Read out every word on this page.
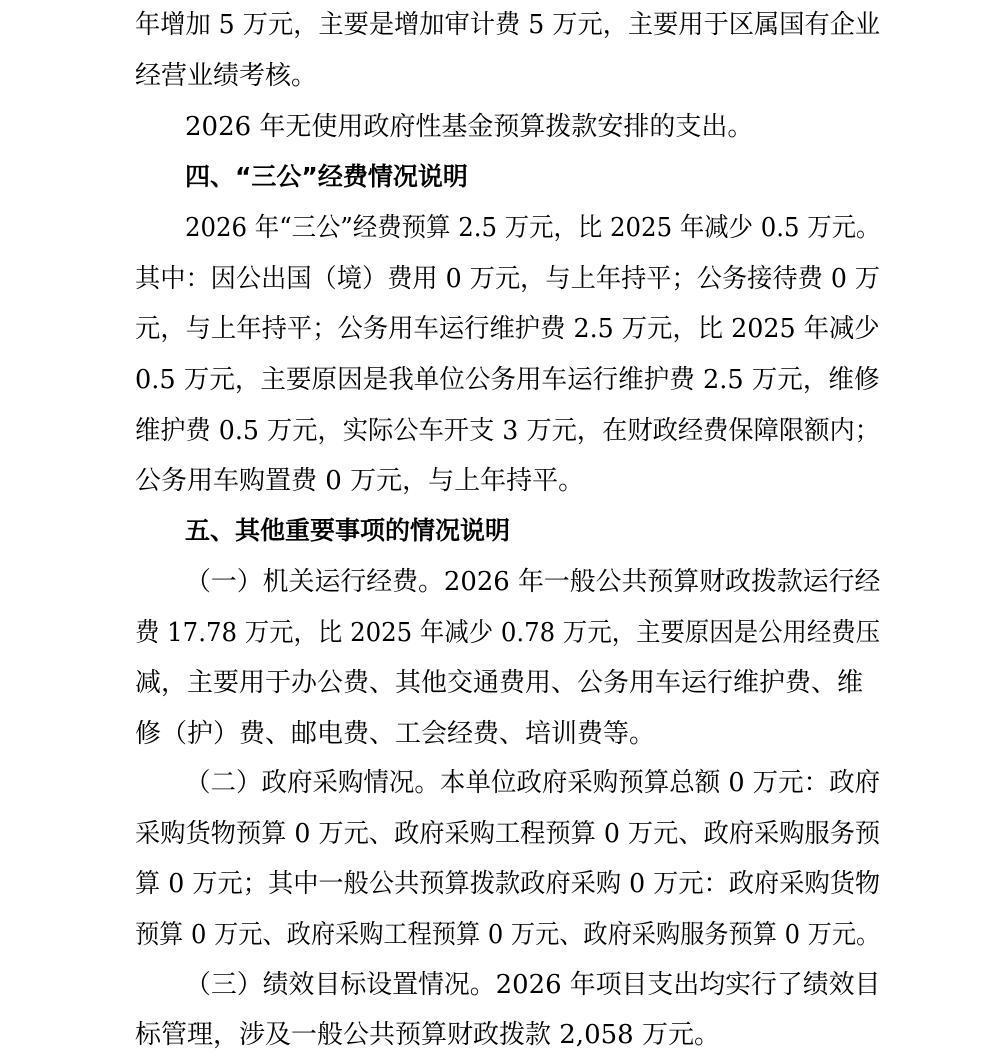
年增加 5 万元，主要是增加审计费 5 万元，主要用于区属国有企业
经营业绩考核。
2026 年无使用政府性基金预算拨款安排的支出。
四、“三公”经费情况说明
2026 年“三公”经费预算 2.5 万元，比 2025 年减少 0.5 万元。
其中：因公出国（境）费用 0 万元，与上年持平；公务接待费 0 万
元，与上年持平；公务用车运行维护费 2.5 万元，比 2025 年减少
0.5 万元，主要原因是我单位公务用车运行维护费 2.5 万元，维修
维护费 0.5 万元，实际公车开支 3 万元，在财政经费保障限额内；
公务用车购置费 0 万元，与上年持平。
五、其他重要事项的情况说明
（一）机关运行经费。2026 年一般公共预算财政拨款运行经
费 17.78 万元，比 2025 年减少 0.78 万元，主要原因是公用经费压
减，主要用于办公费、其他交通费用、公务用车运行维护费、维
修（护）费、邮电费、工会经费、培训费等。
（二）政府采购情况。本单位政府采购预算总额 0 万元：政府
采购货物预算 0 万元、政府采购工程预算 0 万元、政府采购服务预
算 0 万元；其中一般公共预算拨款政府采购 0 万元：政府采购货物
预算 0 万元、政府采购工程预算 0 万元、政府采购服务预算 0 万元。
（三）绩效目标设置情况。2026 年项目支出均实行了绩效目
标管理，涉及一般公共预算财政拨款 2,058 万元。
